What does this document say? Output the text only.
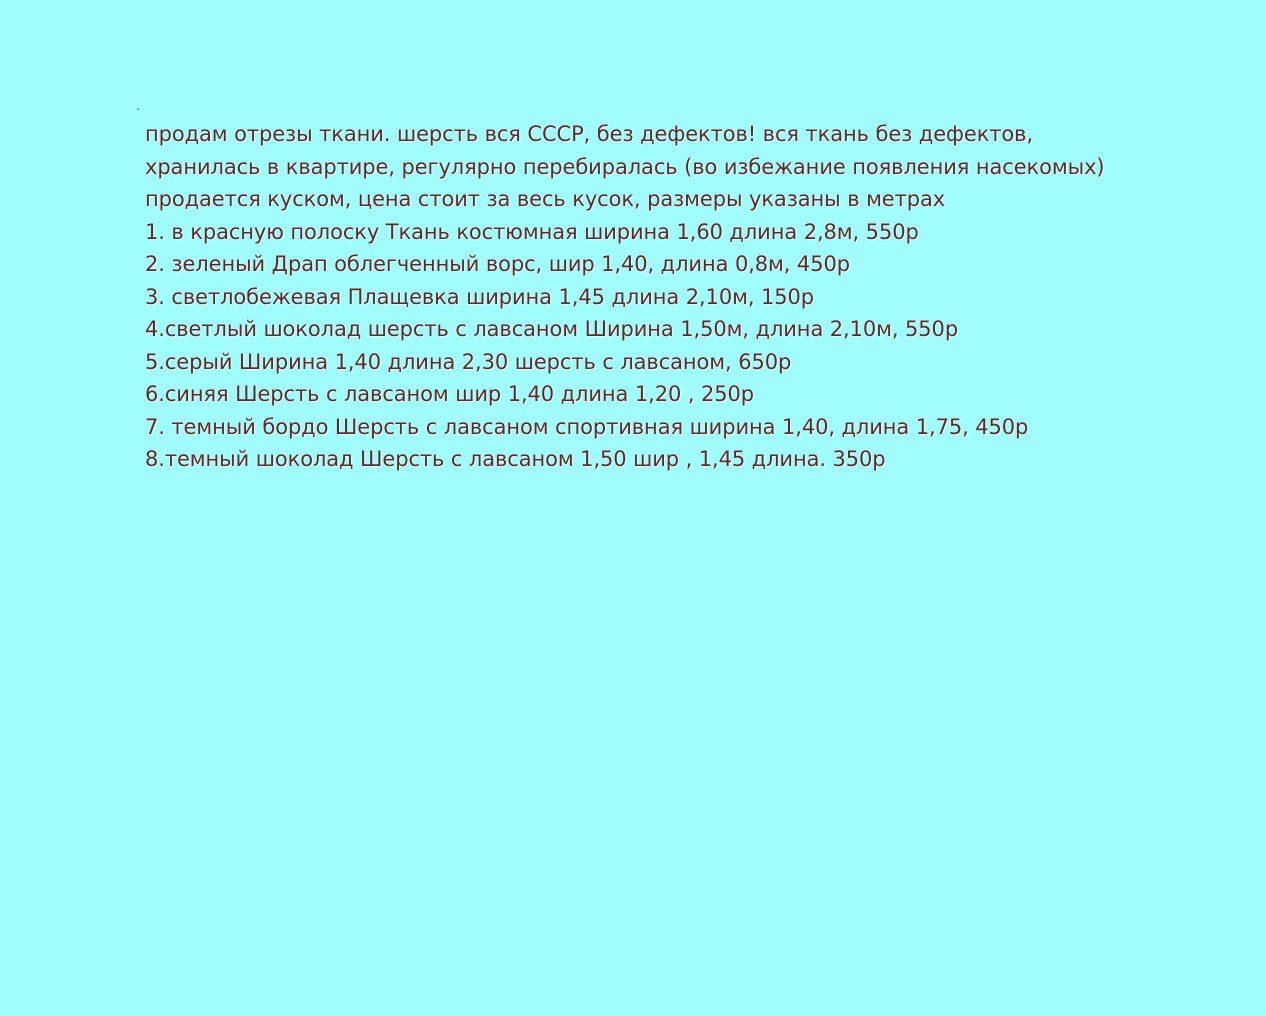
продам отрезы ткани. шерсть вся СССР, без дефектов! вся ткань без дефектов,
хранилась в квартире, регулярно перебиралась (во избежание появления насекомых)
продается куском, цена стоит за весь кусок, размеры указаны в метрах
1. в красную полоску Ткань костюмная ширина 1,60 длина 2,8м, 550р
2. зеленый Драп облегченный ворс, шир 1,40, длина 0,8м, 450р
3. светлобежевая Плащевка ширина 1,45 длина 2,10м, 150р
4.светлый шоколад шерсть с лавсаном Ширина 1,50м, длина 2,10м, 550р
5.серый Ширина 1,40 длина 2,30 шерсть с лавсаном, 650р
6.синяя Шерсть с лавсаном шир 1,40 длина 1,20 , 250р
7. темный бордо Шерсть с лавсаном спортивная ширина 1,40, длина 1,75, 450р
8.темный шоколад Шерсть с лавсаном 1,50 шир , 1,45 длина. 350р
